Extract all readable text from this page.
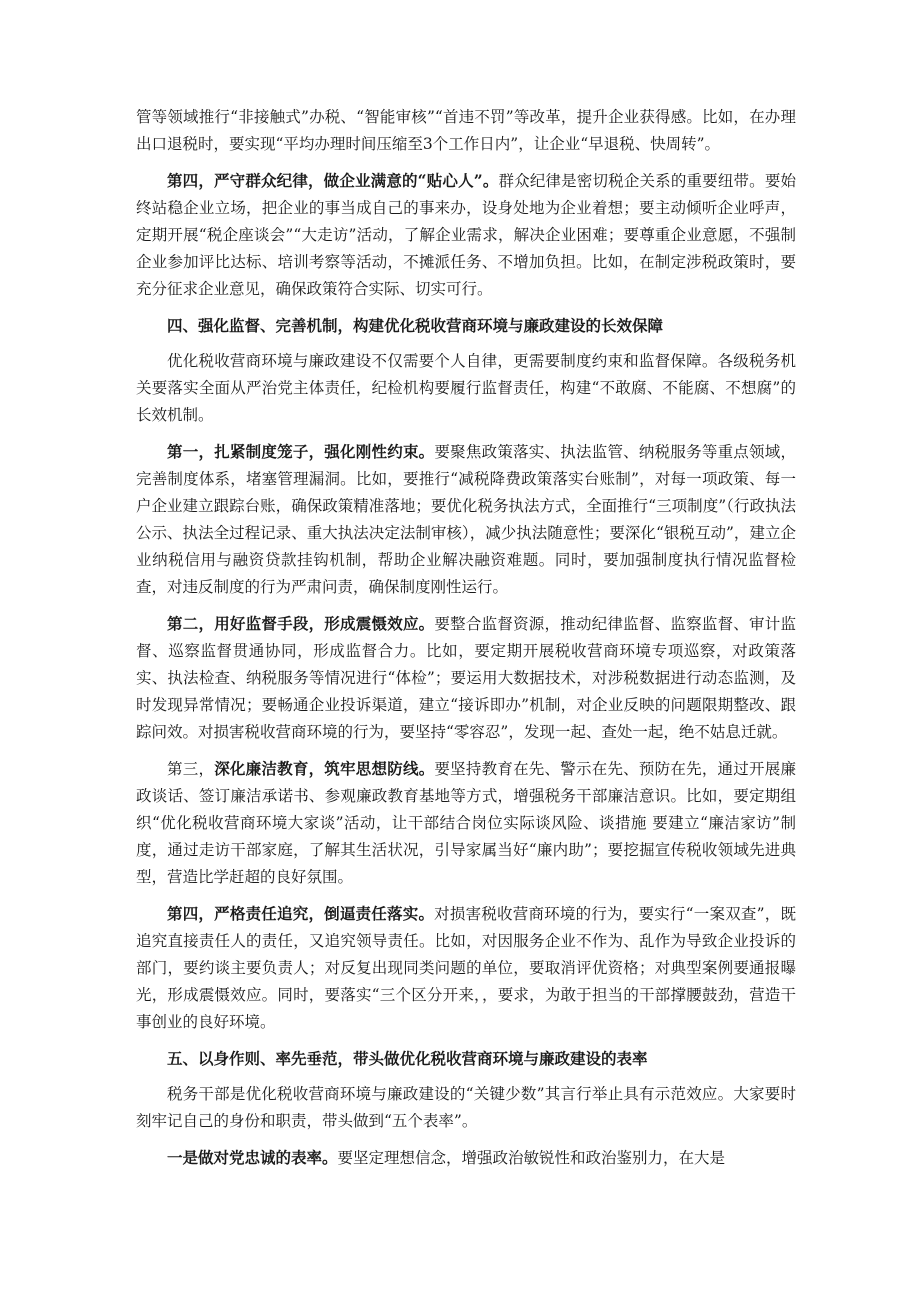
管等领域推行“非接触式”办税、“智能审核”“首违不罚”等改革，提升企业获得感。比如，在办理出口退税时，要实现“平均办理时间压缩至3个工作日内”，让企业“早退税、快周转”。

第四，严守群众纪律，做企业满意的“贴心人”。群众纪律是密切税企关系的重要纽带。要始终站稳企业立场，把企业的事当成自己的事来办，设身处地为企业着想；要主动倾听企业呼声，定期开展“税企座谈会”“大走访”活动，了解企业需求，解决企业困难；要尊重企业意愿，不强制企业参加评比达标、培训考察等活动，不摊派任务、不增加负担。比如，在制定涉税政策时，要充分征求企业意见，确保政策符合实际、切实可行。

四、强化监督、完善机制，构建优化税收营商环境与廉政建设的长效保障

优化税收营商环境与廉政建设不仅需要个人自律，更需要制度约束和监督保障。各级税务机关要落实全面从严治党主体责任，纪检机构要履行监督责任，构建“不敢腐、不能腐、不想腐”的长效机制。

第一，扎紧制度笼子，强化刚性约束。要聚焦政策落实、执法监管、纳税服务等重点领域，完善制度体系，堵塞管理漏洞。比如，要推行“减税降费政策落实台账制”，对每一项政策、每一户企业建立跟踪台账，确保政策精准落地；要优化税务执法方式，全面推行“三项制度”（行政执法公示、执法全过程记录、重大执法决定法制审核），减少执法随意性；要深化“银税互动”，建立企业纳税信用与融资贷款挂钩机制，帮助企业解决融资难题。同时，要加强制度执行情况监督检查，对违反制度的行为严肃问责，确保制度刚性运行。

第二，用好监督手段，形成震慑效应。要整合监督资源，推动纪律监督、监察监督、审计监督、巡察监督贯通协同，形成监督合力。比如，要定期开展税收营商环境专项巡察，对政策落实、执法检查、纳税服务等情况进行“体检”；要运用大数据技术，对涉税数据进行动态监测，及时发现异常情况；要畅通企业投诉渠道，建立“接诉即办”机制，对企业反映的问题限期整改、跟踪问效。对损害税收营商环境的行为，要坚持“零容忍”，发现一起、查处一起，绝不姑息迁就。

第三，深化廉洁教育，筑牢思想防线。要坚持教育在先、警示在先、预防在先，通过开展廉政谈话、签订廉洁承诺书、参观廉政教育基地等方式，增强税务干部廉洁意识。比如，要定期组织“优化税收营商环境大家谈”活动，让干部结合岗位实际谈风险、谈措施 要建立“廉洁家访”制度，通过走访干部家庭，了解其生活状况，引导家属当好“廉内助”；要挖掘宣传税收领域先进典型，营造比学赶超的良好氛围。

第四，严格责任追究，倒逼责任落实。对损害税收营商环境的行为，要实行“一案双查”，既追究直接责任人的责任，又追究领导责任。比如，对因服务企业不作为、乱作为导致企业投诉的部门，要约谈主要负责人；对反复出现同类问题的单位，要取消评优资格；对典型案例要通报曝光，形成震慑效应。同时，要落实“三个区分开来，，要求，为敢于担当的干部撑腰鼓劲，营造干事创业的良好环境。

五、以身作则、率先垂范，带头做优化税收营商环境与廉政建设的表率

税务干部是优化税收营商环境与廉政建设的“关键少数”其言行举止具有示范效应。大家要时刻牢记自己的身份和职责，带头做到“五个表率”。

一是做对党忠诚的表率。要坚定理想信念，增强政治敏锐性和政治鉴别力，在大是
